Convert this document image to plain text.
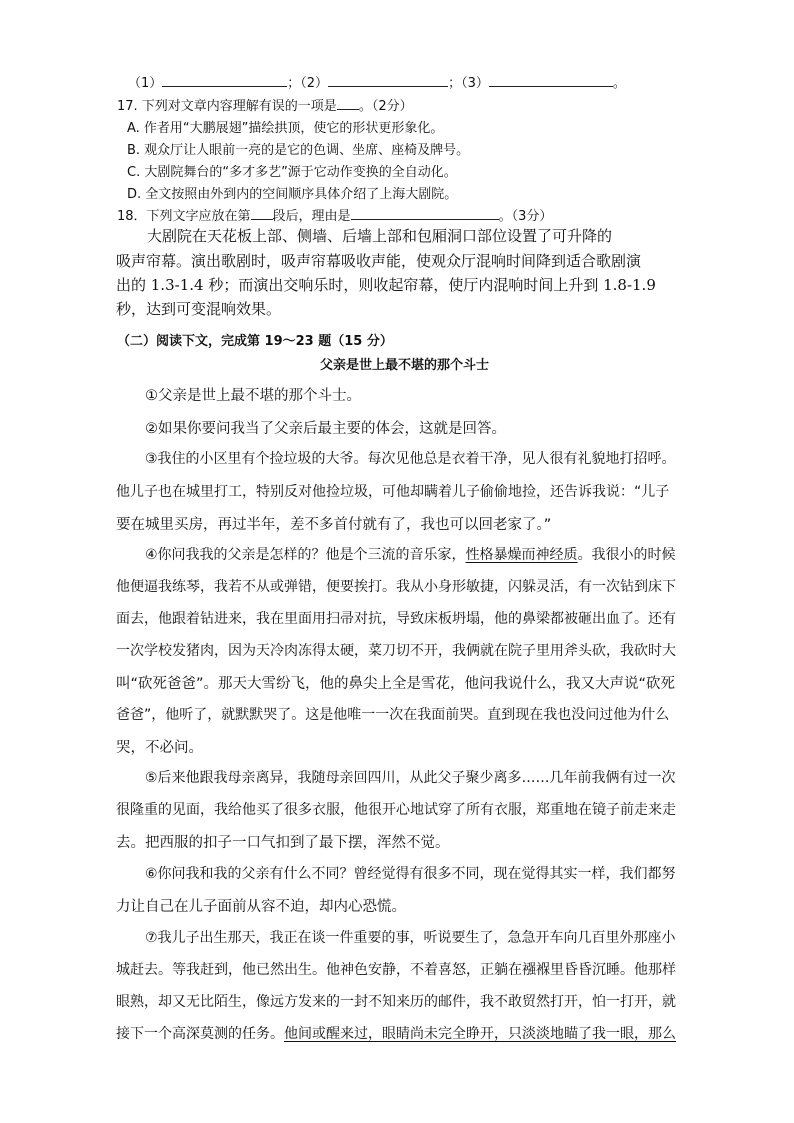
（1）	；（2）	；（3）	。
17. 下列对文章内容理解有误的一项是 。（2分）
A. 作者用“大鹏展翅”描绘拱顶，使它的形状更形象化。
B. 观众厅让人眼前一亮的是它的色调、坐席、座椅及牌号。
C. 大剧院舞台的“多才多艺”源于它动作变换的全自动化。
D. 全文按照由外到内的空间顺序具体介绍了上海大剧院。
18．下列文字应放在第 段后，理由是	。（3分）
大剧院在天花板上部、侧墙、后墙上部和包厢洞口部位设置了可升降的
吸声帘幕。演出歌剧时，吸声帘幕吸收声能，使观众厅混响时间降到适合歌剧演
出的 1.3-1.4 秒；而演出交响乐时，则收起帘幕，使厅内混响时间上升到 1.8-1.9
秒，达到可变混响效果。
（二）阅读下文，完成第 19～23 题（15 分）
父亲是世上最不堪的那个斗士
①父亲是世上最不堪的那个斗士。
②如果你要问我当了父亲后最主要的体会，这就是回答。
③我住的小区里有个捡垃圾的大爷。每次见他总是衣着干净，见人很有礼貌地打招呼。
他儿子也在城里打工，特别反对他捡垃圾，可他却瞒着儿子偷偷地捡，还告诉我说：“儿子
要在城里买房，再过半年，差不多首付就有了，我也可以回老家了。”
④你问我我的父亲是怎样的？他是个三流的音乐家，性格暴燥而神经质。我很小的时候
他便逼我练琴，我若不从或弹错，便要挨打。我从小身形敏捷，闪躲灵活，有一次钻到床下
面去，他跟着钻进来，我在里面用扫帚对抗，导致床板坍塌，他的鼻梁都被砸出血了。还有
一次学校发猪肉，因为天冷肉冻得太硬，菜刀切不开，我俩就在院子里用斧头砍，我砍时大
叫“砍死爸爸”。那天大雪纷飞，他的鼻尖上全是雪花，他问我说什么，我又大声说“砍死
爸爸”，他听了，就默默哭了。这是他唯一一次在我面前哭。直到现在我也没问过他为什么
哭，不必问。
⑤后来他跟我母亲离异，我随母亲回四川，从此父子聚少离多……几年前我俩有过一次
很隆重的见面，我给他买了很多衣服，他很开心地试穿了所有衣服，郑重地在镜子前走来走
去。把西服的扣子一口气扣到了最下摆，浑然不觉。
⑥你问我和我的父亲有什么不同？曾经觉得有很多不同，现在觉得其实一样，我们都努
力让自己在儿子面前从容不迫，却内心恐慌。
⑦我儿子出生那天，我正在谈一件重要的事，听说要生了，急急开车向几百里外那座小
城赶去。等我赶到，他已然出生。他神色安静，不着喜怒，正躺在襁褓里昏昏沉睡。他那样
眼熟，却又无比陌生，像远方发来的一封不知来历的邮件，我不敢贸然打开，怕一打开，就
接下一个高深莫测的任务。他间或醒来过，眼睛尚未完全睁开，只淡淡地瞄了我一眼，那么
